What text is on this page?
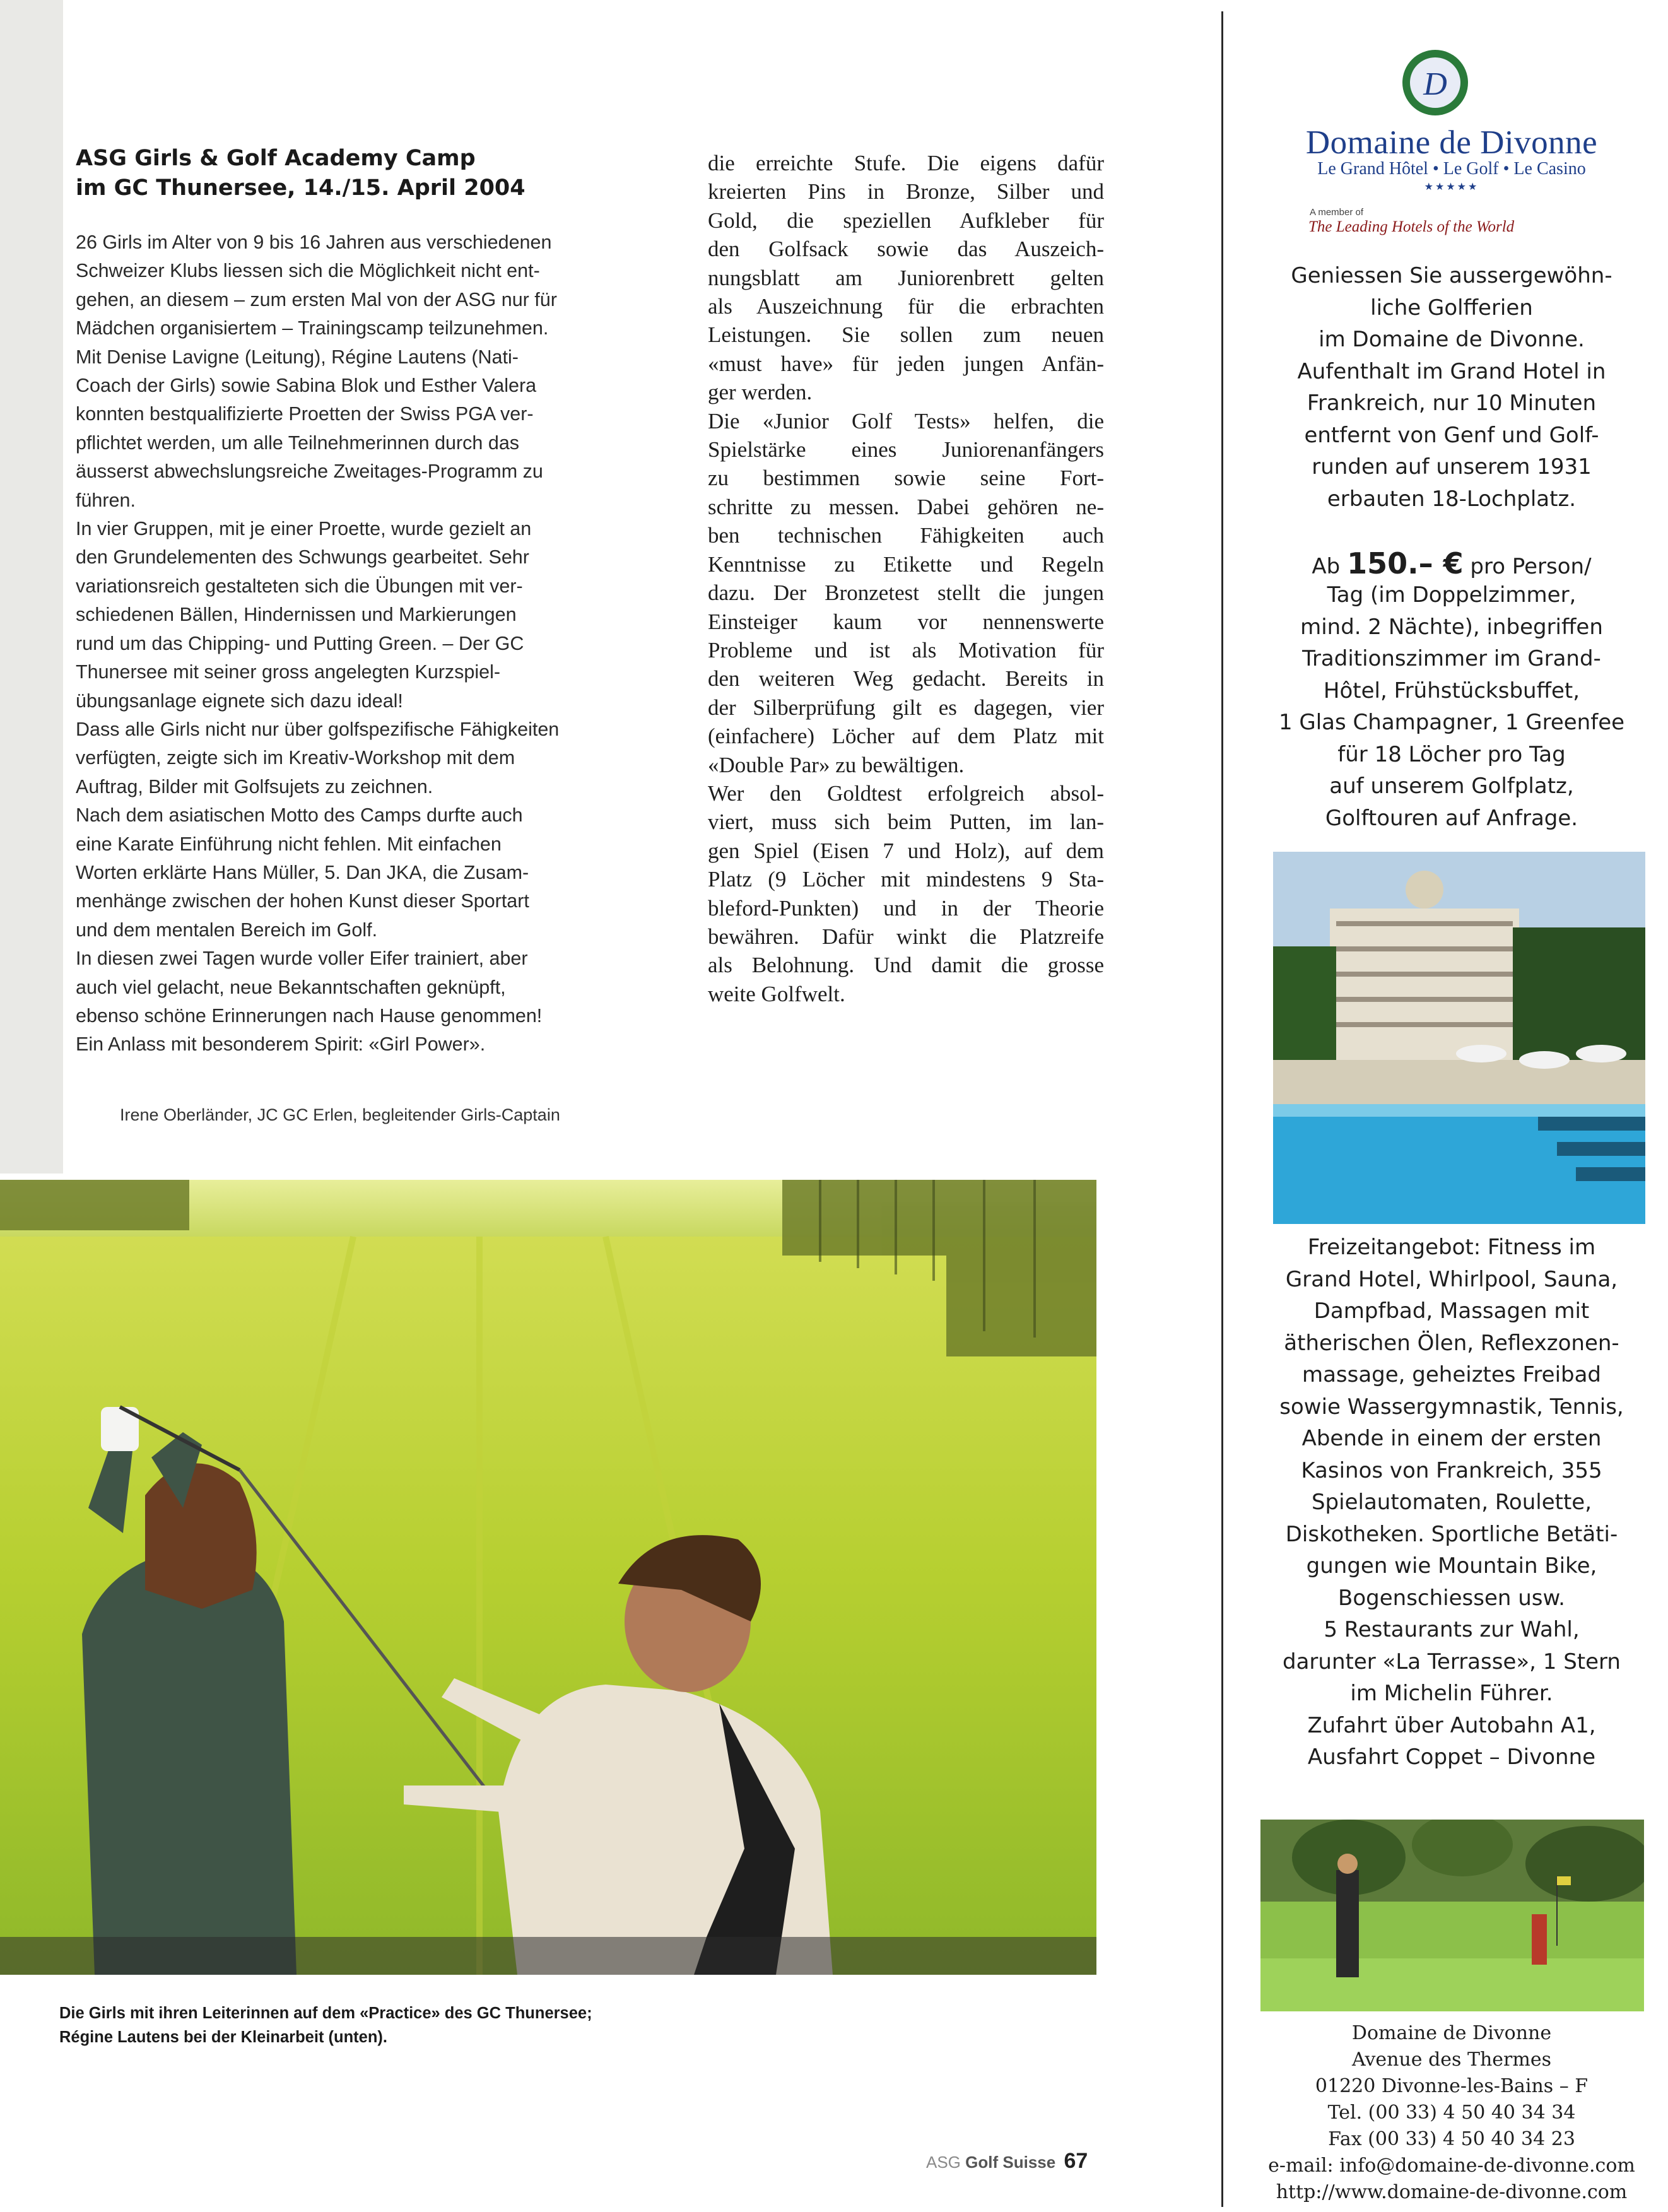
ASG Girls & Golf Academy Camp
im GC Thunersee, 14./15. April 2004
26 Girls im Alter von 9 bis 16 Jahren aus verschiedenen
Schweizer Klubs liessen sich die Möglichkeit nicht ent-
gehen, an diesem – zum ersten Mal von der ASG nur für
Mädchen organisiertem – Trainingscamp teilzunehmen.
Mit Denise Lavigne (Leitung), Régine Lautens (Nati-
Coach der Girls) sowie Sabina Blok und Esther Valera
konnten bestqualifizierte Proetten der Swiss PGA ver-
pflichtet werden, um alle Teilnehmerinnen durch das
äusserst abwechslungsreiche Zweitages-Programm zu
führen.
In vier Gruppen, mit je einer Proette, wurde gezielt an
den Grundelementen des Schwungs gearbeitet. Sehr
variationsreich gestalteten sich die Übungen mit ver-
schiedenen Bällen, Hindernissen und Markierungen
rund um das Chipping- und Putting Green. – Der GC
Thunersee mit seiner gross angelegten Kurzspiel-
übungsanlage eignete sich dazu ideal!
Dass alle Girls nicht nur über golfspezifische Fähigkeiten
verfügten, zeigte sich im Kreativ-Workshop mit dem
Auftrag, Bilder mit Golfsujets zu zeichnen.
Nach dem asiatischen Motto des Camps durfte auch
eine Karate Einführung nicht fehlen. Mit einfachen
Worten erklärte Hans Müller, 5. Dan JKA, die Zusam-
menhänge zwischen der hohen Kunst dieser Sportart
und dem mentalen Bereich im Golf.
In diesen zwei Tagen wurde voller Eifer trainiert, aber
auch viel gelacht, neue Bekanntschaften geknüpft,
ebenso schöne Erinnerungen nach Hause genommen!
Ein Anlass mit besonderem Spirit: «Girl Power».
Irene Oberländer, JC GC Erlen, begleitender Girls-Captain
die erreichte Stufe. Die eigens dafür
kreierten Pins in Bronze, Silber und
Gold, die speziellen Aufkleber für
den Golfsack sowie das Auszeich-
nungsblatt am Juniorenbrett gelten
als Auszeichnung für die erbrachten
Leistungen. Sie sollen zum neuen
«must have» für jeden jungen Anfän-
ger werden.
Die «Junior Golf Tests» helfen, die
Spielstärke eines Juniorenanfängers
zu bestimmen sowie seine Fort-
schritte zu messen. Dabei gehören ne-
ben technischen Fähigkeiten auch
Kenntnisse zu Etikette und Regeln
dazu. Der Bronzetest stellt die jungen
Einsteiger kaum vor nennenswerte
Probleme und ist als Motivation für
den weiteren Weg gedacht. Bereits in
der Silberprüfung gilt es dagegen, vier
(einfachere) Löcher auf dem Platz mit
«Double Par» zu bewältigen.
Wer den Goldtest erfolgreich absol-
viert, muss sich beim Putten, im lan-
gen Spiel (Eisen 7 und Holz), auf dem
Platz (9 Löcher mit mindestens 9 Sta-
bleford-Punkten) und in der Theorie
bewähren. Dafür winkt die Platzreife
als Belohnung. Und damit die grosse
weite Golfwelt.
Die Girls mit ihren Leiterinnen auf dem «Practice» des GC Thunersee;
Régine Lautens bei der Kleinarbeit (unten).
ASG Golf Suisse 67
D
Domaine de Divonne
Le Grand Hôtel • Le Golf • Le Casino
★★★★★
A member of
The Leading Hotels of the World
Geniessen Sie aussergewöhn-
liche Golfferien
im Domaine de Divonne.
Aufenthalt im Grand Hotel in
Frankreich, nur 10 Minuten
entfernt von Genf und Golf-
runden auf unserem 1931
erbauten 18-Lochplatz.
Ab 150.– € pro Person/
Tag (im Doppelzimmer,
mind. 2 Nächte), inbegriffen
Traditionszimmer im Grand-
Hôtel, Frühstücksbuffet,
1 Glas Champagner, 1 Greenfee
für 18 Löcher pro Tag
auf unserem Golfplatz,
Golftouren auf Anfrage.
Freizeitangebot: Fitness im
Grand Hotel, Whirlpool, Sauna,
Dampfbad, Massagen mit
ätherischen Ölen, Reflexzonen-
massage, geheiztes Freibad
sowie Wassergymnastik, Tennis,
Abende in einem der ersten
Kasinos von Frankreich, 355
Spielautomaten, Roulette,
Diskotheken. Sportliche Betäti-
gungen wie Mountain Bike,
Bogenschiessen usw.
5 Restaurants zur Wahl,
darunter «La Terrasse», 1 Stern
im Michelin Führer.
Zufahrt über Autobahn A1,
Ausfahrt Coppet – Divonne
Domaine de Divonne
Avenue des Thermes
01220 Divonne-les-Bains – F
Tel. (00 33) 4 50 40 34 34
Fax (00 33) 4 50 40 34 23
e-mail: info@domaine-de-divonne.com
http://www.domaine-de-divonne.com
